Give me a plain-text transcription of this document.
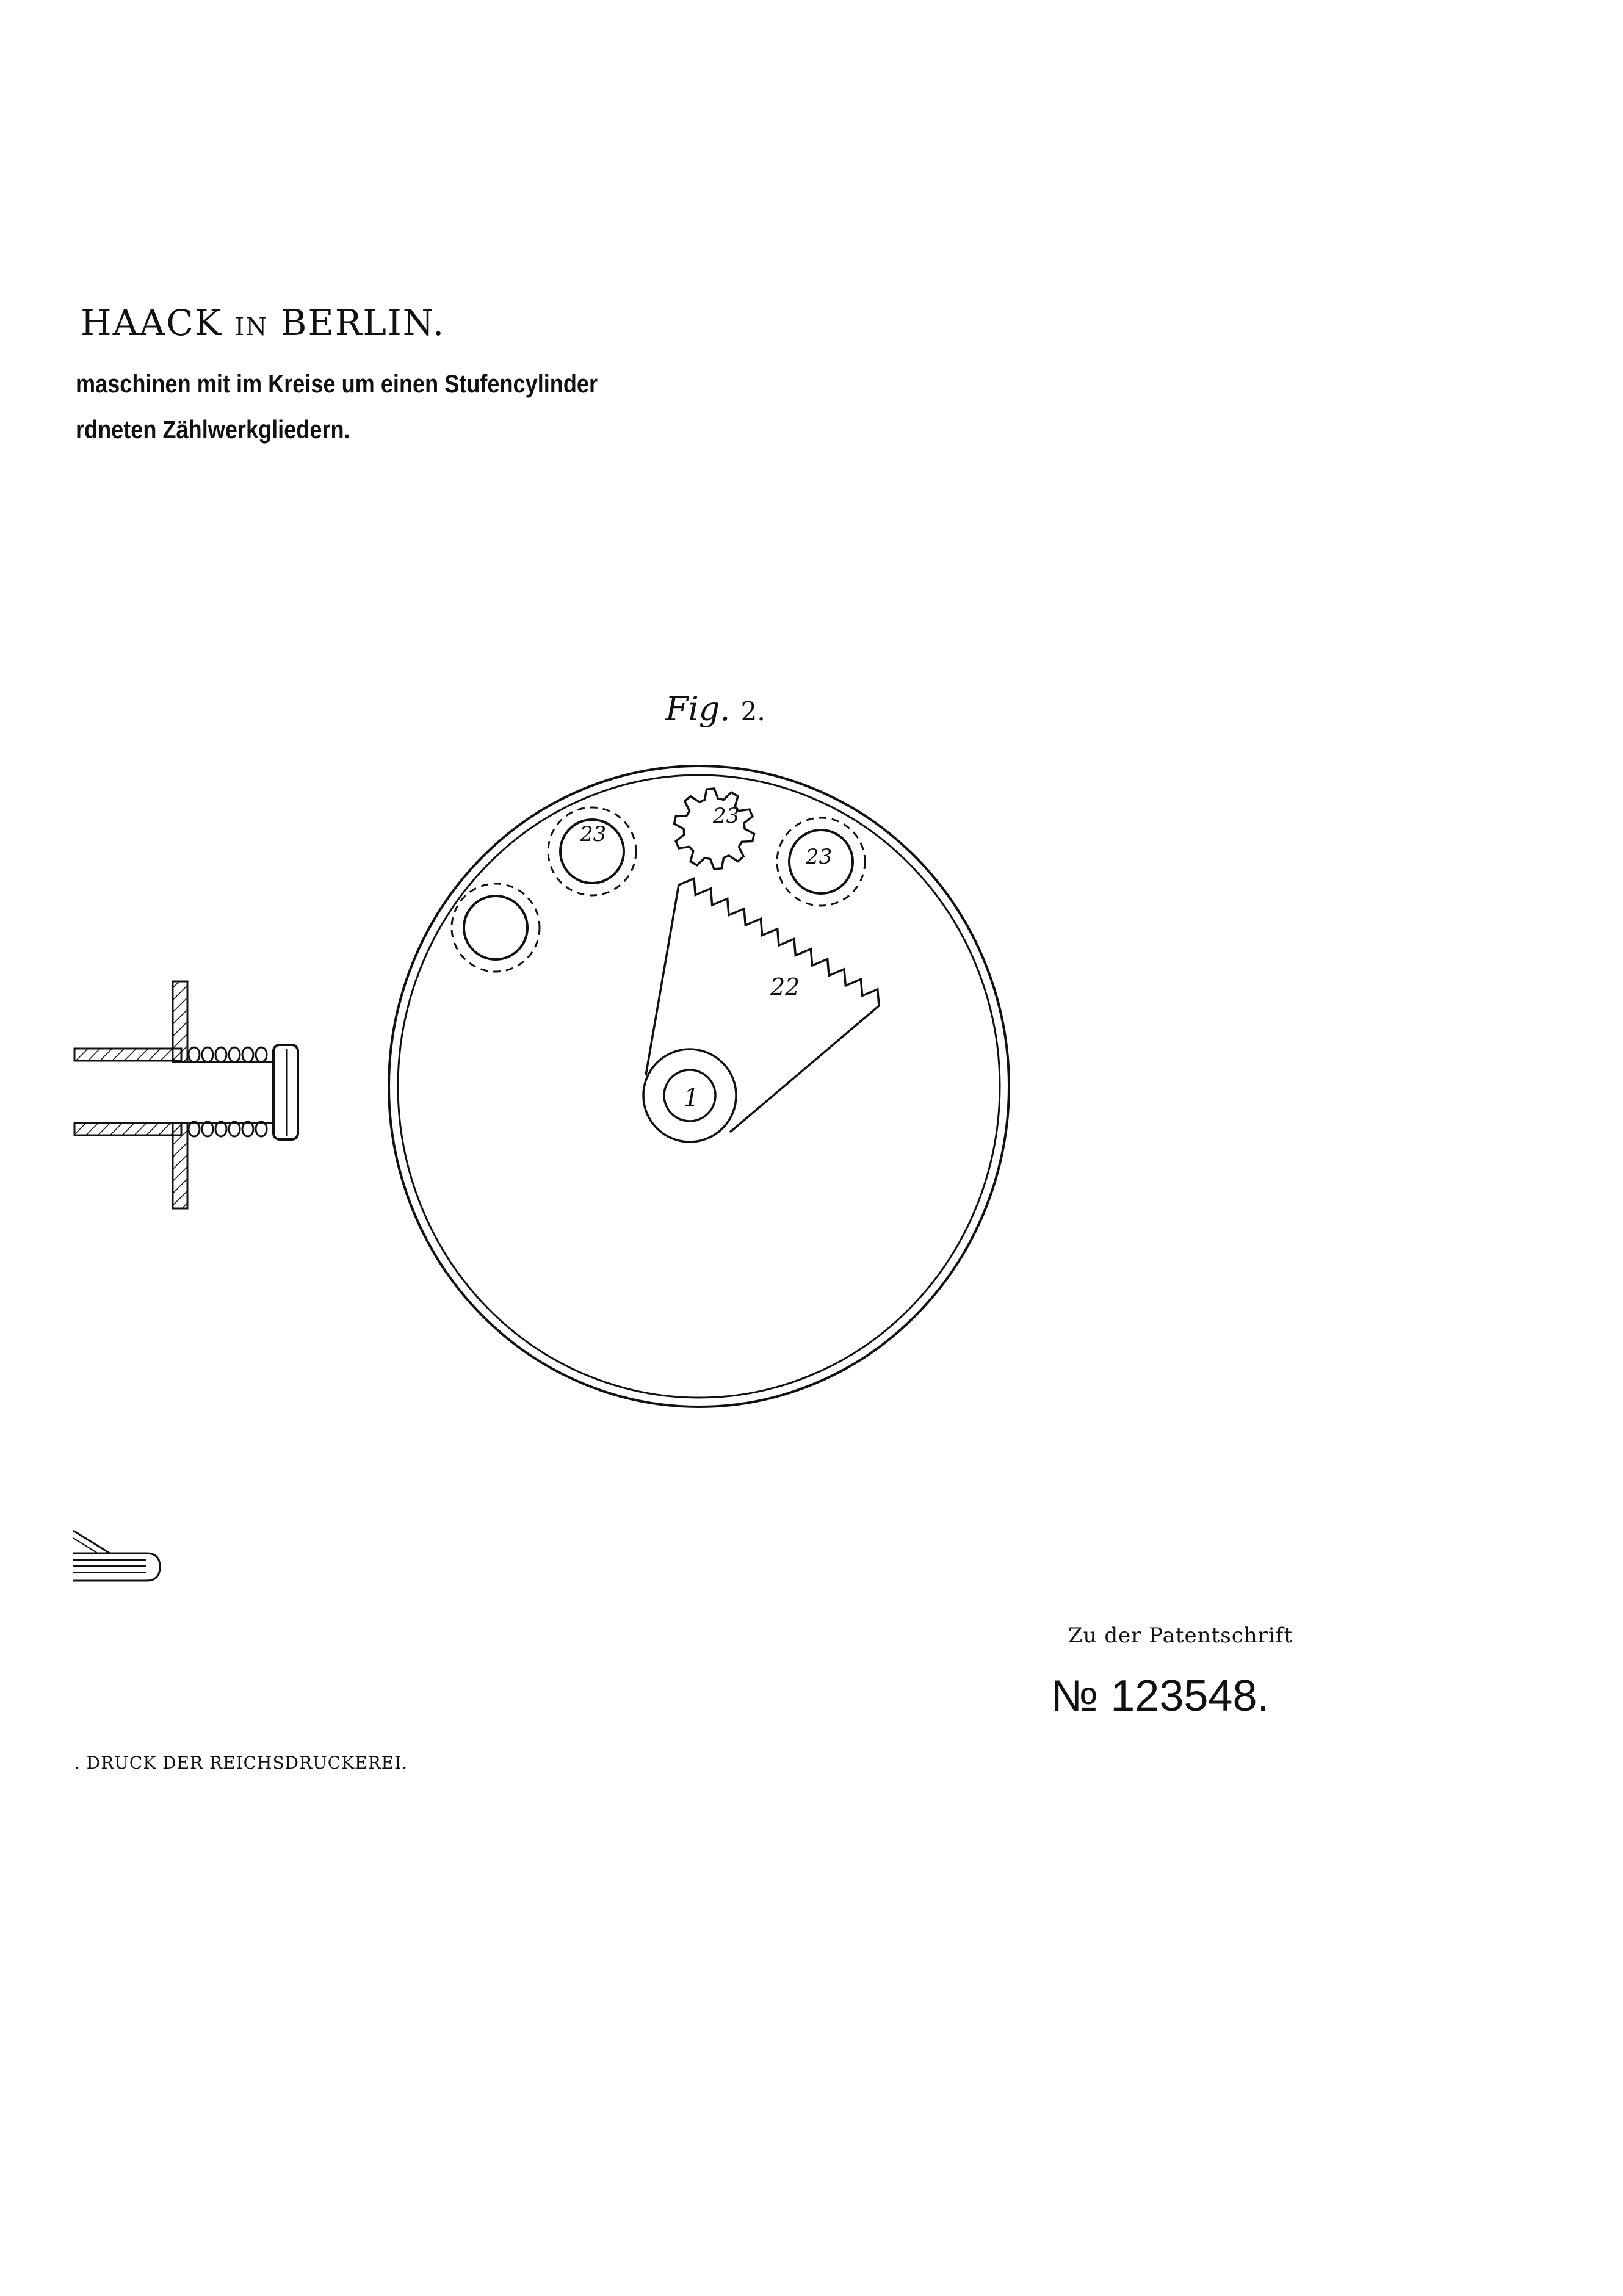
HAACK IN BERLIN.
maschinen mit im Kreise um einen Stufencylinder
rdneten Zählwerkgliedern.
Fig. 2.
23
23
23
22
1
Zu der Patentschrift
№ 123548.
. DRUCK DER REICHSDRUCKEREI.
